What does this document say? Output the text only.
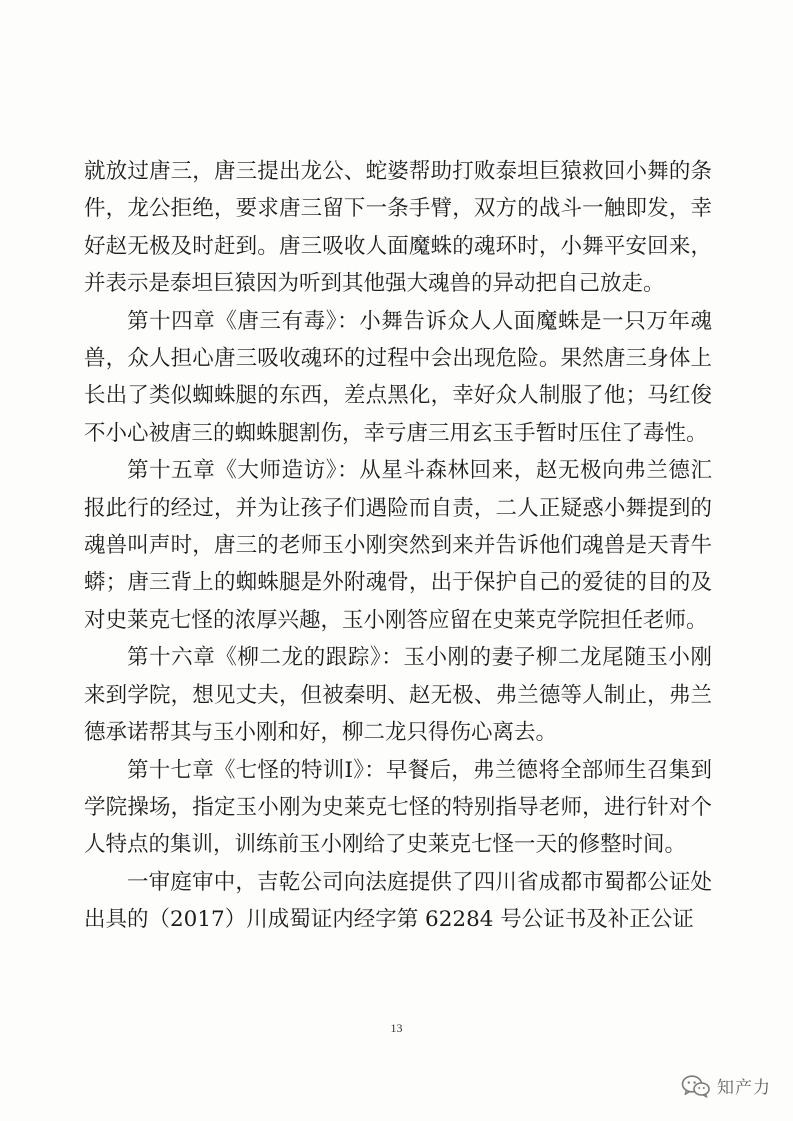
就放过唐三，唐三提出龙公、蛇婆帮助打败泰坦巨猿救回小舞的条件，龙公拒绝，要求唐三留下一条手臂，双方的战斗一触即发，幸好赵无极及时赶到。唐三吸收人面魔蛛的魂环时，小舞平安回来，并表示是泰坦巨猿因为听到其他强大魂兽的异动把自己放走。

第十四章《唐三有毒》：小舞告诉众人人面魔蛛是一只万年魂兽，众人担心唐三吸收魂环的过程中会出现危险。果然唐三身体上长出了类似蜘蛛腿的东西，差点黑化，幸好众人制服了他；马红俊不小心被唐三的蜘蛛腿割伤，幸亏唐三用玄玉手暂时压住了毒性。

第十五章《大师造访》：从星斗森林回来，赵无极向弗兰德汇报此行的经过，并为让孩子们遇险而自责，二人正疑惑小舞提到的魂兽叫声时，唐三的老师玉小刚突然到来并告诉他们魂兽是天青牛蟒；唐三背上的蜘蛛腿是外附魂骨，出于保护自己的爱徒的目的及对史莱克七怪的浓厚兴趣，玉小刚答应留在史莱克学院担任老师。

第十六章《柳二龙的跟踪》：玉小刚的妻子柳二龙尾随玉小刚来到学院，想见丈夫，但被秦明、赵无极、弗兰德等人制止，弗兰德承诺帮其与玉小刚和好，柳二龙只得伤心离去。

第十七章《七怪的特训Ⅰ》：早餐后，弗兰德将全部师生召集到学院操场，指定玉小刚为史莱克七怪的特别指导老师，进行针对个人特点的集训，训练前玉小刚给了史莱克七怪一天的修整时间。

一审庭审中，吉乾公司向法庭提供了四川省成都市蜀都公证处出具的（2017）川成蜀证内经字第 62284 号公证书及补正公证

13
知产力
